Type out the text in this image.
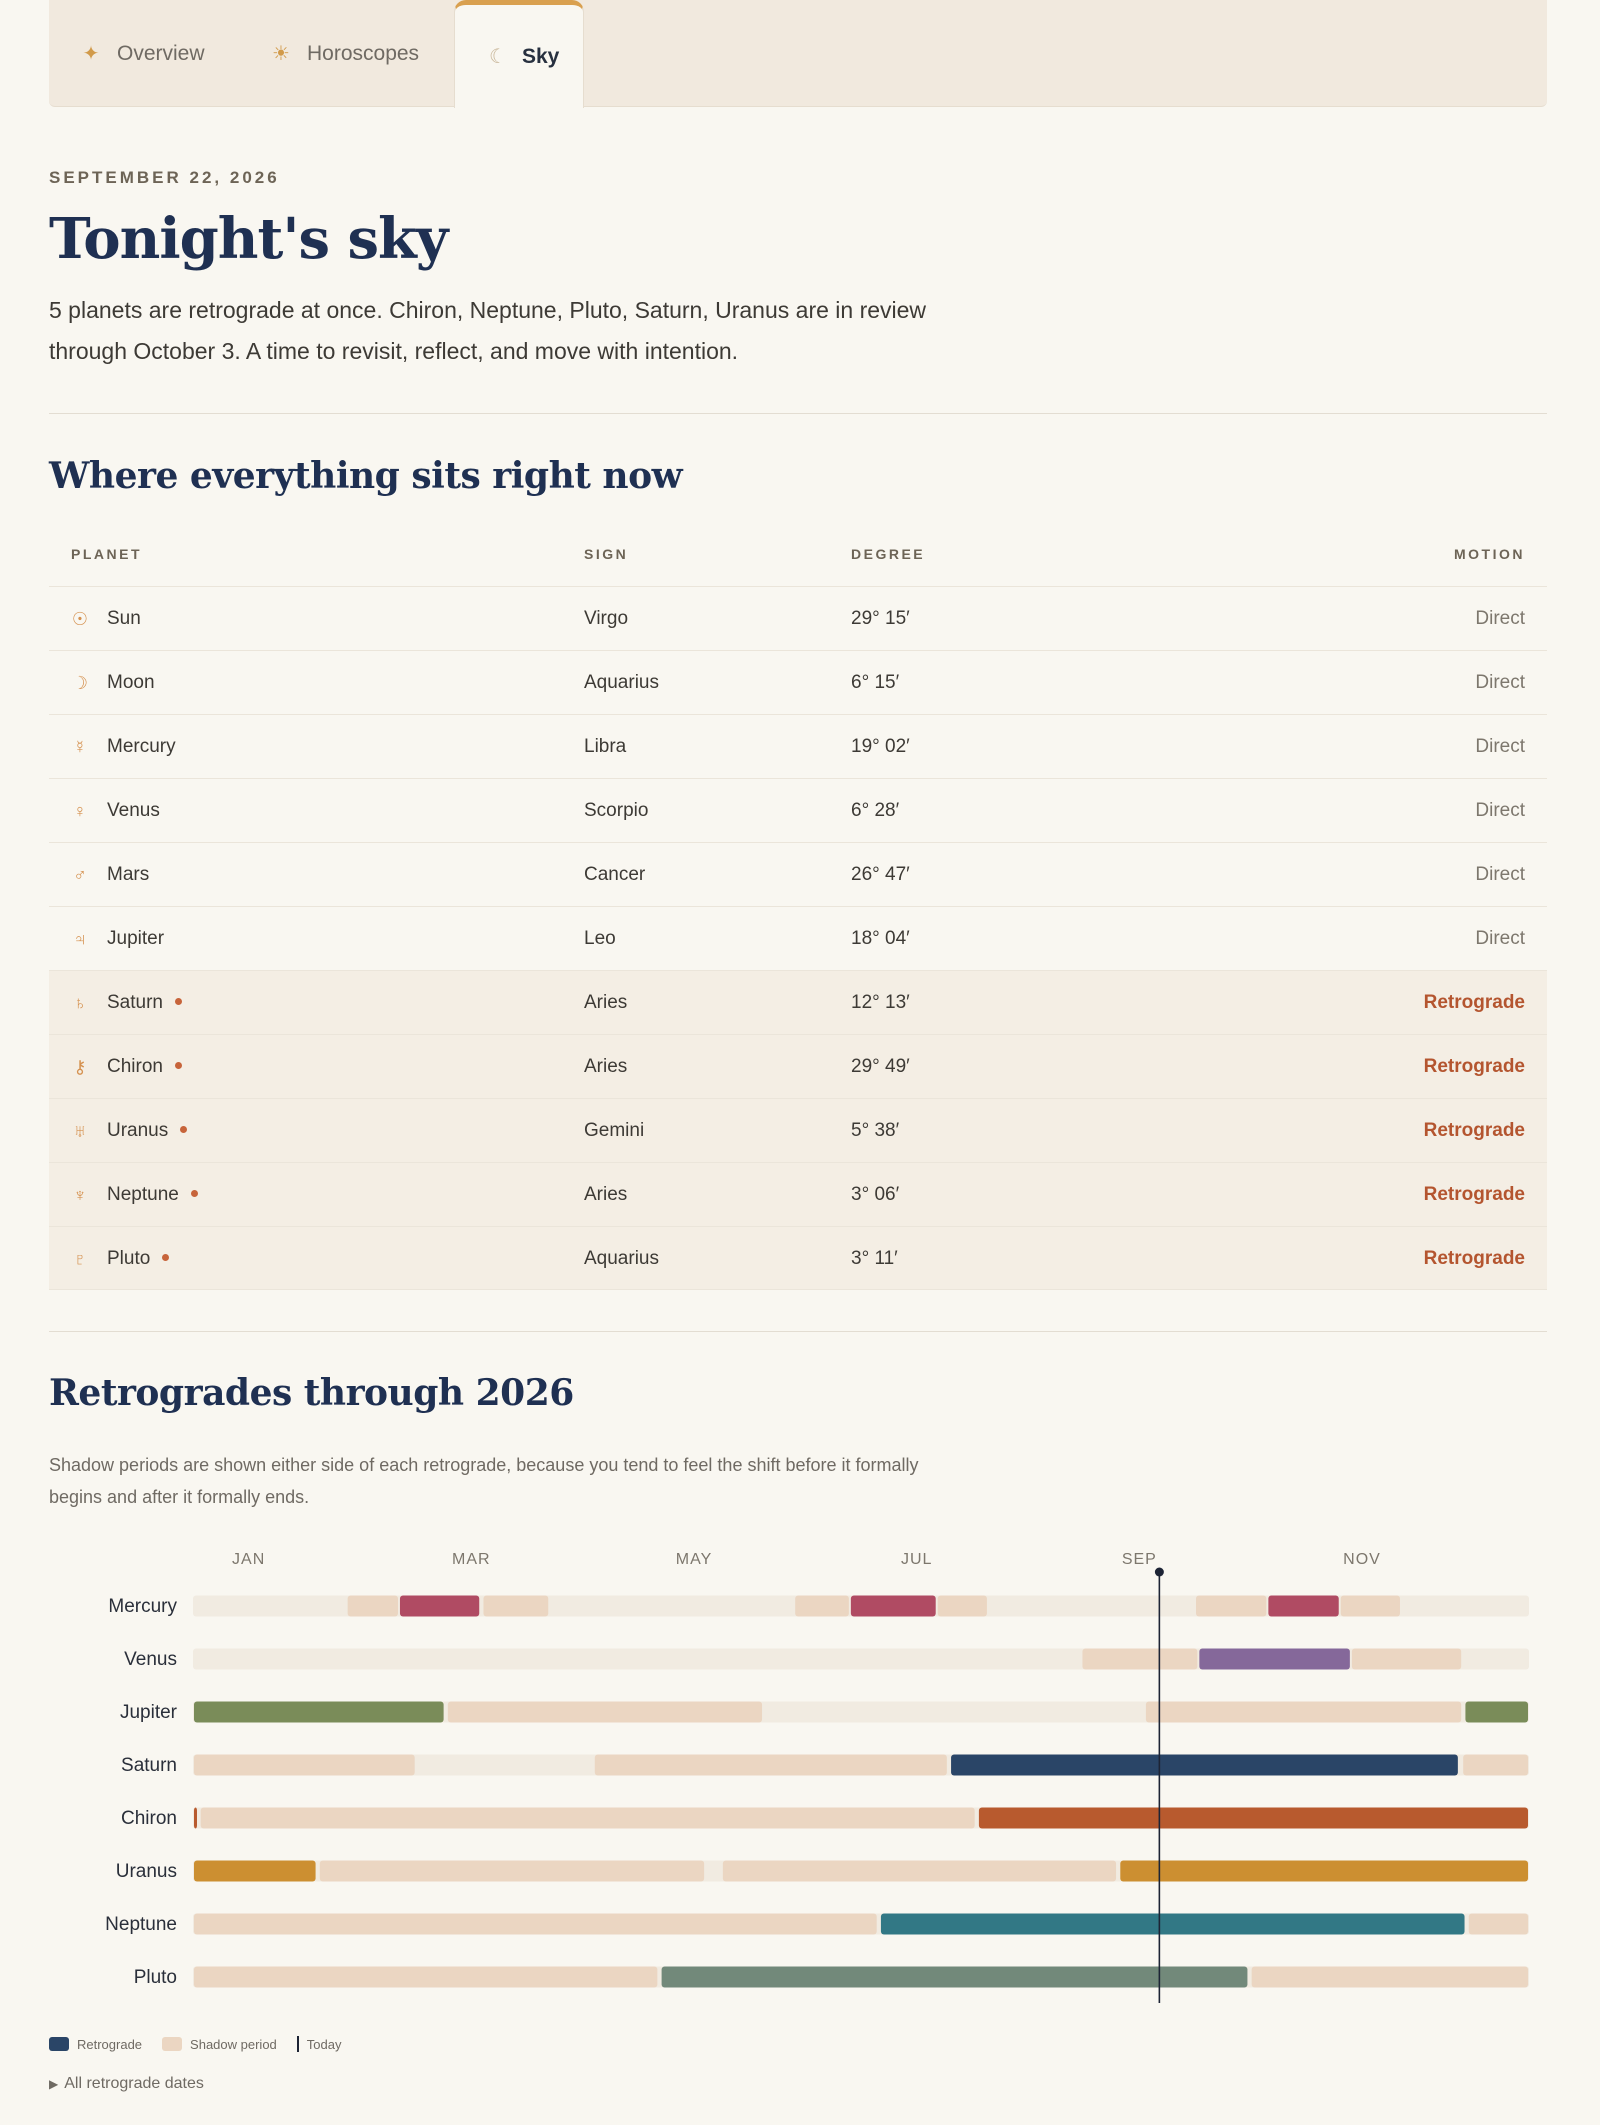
✦ Overview	☀ Horoscopes	☾ Sky
SEPTEMBER 22, 2026
Tonight's sky

5 planets are retrograde at once. Chiron, Neptune, Pluto, Saturn, Uranus are in review through October 3. A time to revisit, reflect, and move with intention.

Where everything sits right now
PLANET	SIGN	DEGREE	MOTION
☉ Sun	Virgo	29° 15′	Direct
☽ Moon	Aquarius	6° 15′	Direct
☿ Mercury	Libra	19° 02′	Direct
♀ Venus	Scorpio	6° 28′	Direct
♂ Mars	Cancer	26° 47′	Direct
♃ Jupiter	Leo	18° 04′	Direct
♄ Saturn	Aries	12° 13′	Retrograde
⚷ Chiron	Aries	29° 49′	Retrograde
♅ Uranus	Gemini	5° 38′	Retrograde
♆ Neptune	Aries	3° 06′	Retrograde
♇ Pluto	Aquarius	3° 11′	Retrograde
Retrogrades through 2026

Shadow periods are shown either side of each retrograde, because you tend to feel the shift before it formally begins and after it formally ends.

JAN	MAR	MAY	JUL	SEP	NOV
Mercury
Venus
Jupiter
Saturn
Chiron
Uranus
Neptune
Pluto
Retrograde	Shadow period Today
▶ All retrograde dates
